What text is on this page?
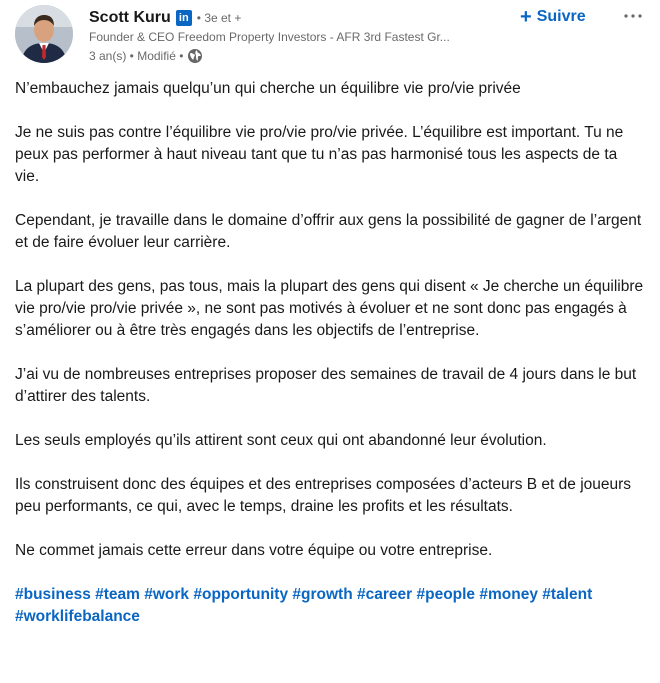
Scott Kuru in • 3e et +
Founder & CEO Freedom Property Investors - AFR 3rd Fastest Gr...
3 an(s) • Modifié •
+ Suivre

N’embauchez jamais quelqu’un qui cherche un équilibre vie pro/vie privée

Je ne suis pas contre l’équilibre vie pro/vie pro/vie privée. L’équilibre est important. Tu ne peux pas performer à haut niveau tant que tu n’as pas harmonisé tous les aspects de ta vie.

Cependant, je travaille dans le domaine d’offrir aux gens la possibilité de gagner de l’argent et de faire évoluer leur carrière.

La plupart des gens, pas tous, mais la plupart des gens qui disent « Je cherche un équilibre vie pro/vie pro/vie privée », ne sont pas motivés à évoluer et ne sont donc pas engagés à s’améliorer ou à être très engagés dans les objectifs de l’entreprise.

J’ai vu de nombreuses entreprises proposer des semaines de travail de 4 jours dans le but d’attirer des talents.

Les seuls employés qu’ils attirent sont ceux qui ont abandonné leur évolution.

Ils construisent donc des équipes et des entreprises composées d’acteurs B et de joueurs peu performants, ce qui, avec le temps, draine les profits et les résultats.

Ne commet jamais cette erreur dans votre équipe ou votre entreprise.

#business #team #work #opportunity #growth #career #people #money #talent
#worklifebalance
